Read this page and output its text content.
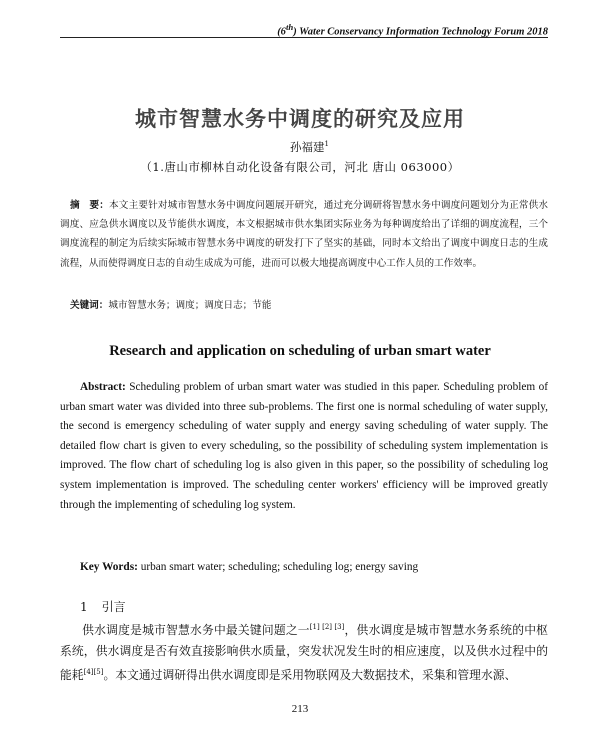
(6th) Water Conservancy Information Technology Forum 2018
城市智慧水务中调度的研究及应用
孙福建$^1$
（1.唐山市柳林自动化设备有限公司，河北 唐山 063000）
摘　要：本文主要针对城市智慧水务中调度问题展开研究，通过充分调研将智慧水务中调度问题划分为正常供水调度、应急供水调度以及节能供水调度，本文根据城市供水集团实际业务为每种调度给出了详细的调度流程，三个调度流程的制定为后续实际城市智慧水务中调度的研发打下了坚实的基础，同时本文给出了调度中调度日志的生成流程，从而使得调度日志的自动生成成为可能，进而可以极大地提高调度中心工作人员的工作效率。
关键词：城市智慧水务；调度；调度日志；节能
Research and application on scheduling of urban smart water
Abstract: Scheduling problem of urban smart water was studied in this paper. Scheduling problem of urban smart water was divided into three sub-problems. The first one is normal scheduling of water supply, the second is emergency scheduling of water supply and energy saving scheduling of water supply. The detailed flow chart is given to every scheduling, so the possibility of scheduling system implementation is improved. The flow chart of scheduling log is also given in this paper, so the possibility of scheduling log system implementation is improved. The scheduling center workers' efficiency will be improved greatly through the implementing of scheduling log system.
Key Words: urban smart water; scheduling; scheduling log; energy saving
1 引言
供水调度是城市智慧水务中最关键问题之一[1] [2] [3]，供水调度是城市智慧水务系统的中枢系统，供水调度是否有效直接影响供水质量，突发状况发生时的相应速度，以及供水过程中的能耗[4][5]。本文通过调研得出供水调度即是采用物联网及大数据技术，采集和管理水源、
213
